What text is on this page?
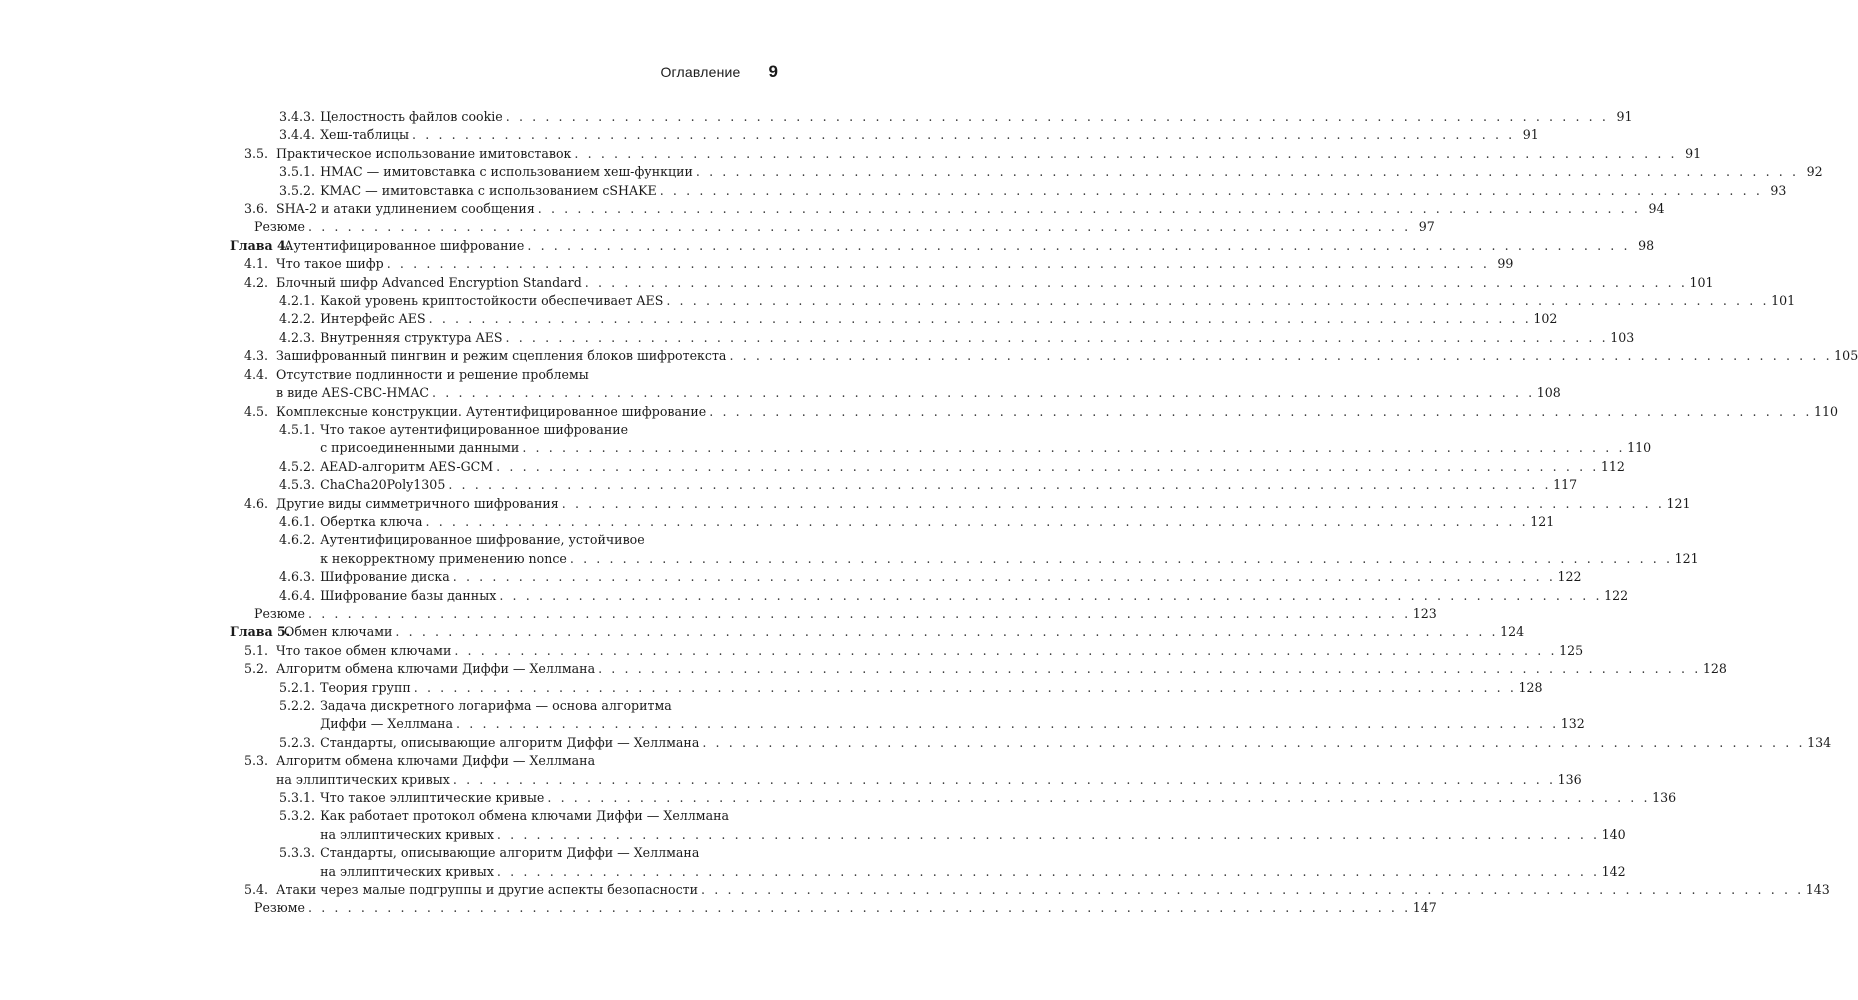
Оглавление 9
3.4.3. Целостность файлов cookie . . .	91
3.4.4. Хеш-таблицы . . .	91
3.5. Практическое использование имитовставок . . .	91
3.5.1. HMAC — имитовставка с использованием хеш-функции . . .	92
3.5.2. KMAC — имитовставка с использованием cSHAKE . . .	93
3.6. SHA-2 и атаки удлинением сообщения . . .	94
Резюме . . .	97
Глава 4.
Аутентифицированное шифрование . . .	98
4.1. Что такое шифр . . .	99
4.2. Блочный шифр Advanced Encryption Standard . . .	101
4.2.1. Какой уровень криптостойкости обеспечивает AES . . .	101
4.2.2. Интерфейс AES . . .	102
4.2.3. Внутренняя структура AES . . .	103
4.3. Зашифрованный пингвин и режим сцепления блоков шифротекста . . .	105
4.4. Отсутствие подлинности и решение проблемы
в виде AES-CBC-HMAC . . .	108
4.5. Комплексные конструкции. Аутентифицированное шифрование . . .	110
4.5.1. Что такое аутентифицированное шифрование
с присоединенными данными . . .	110
4.5.2. AEAD-алгоритм AES-GCM . . .	112
4.5.3. ChaCha20Poly1305 . . .	117
4.6. Другие виды симметричного шифрования . . .	121
4.6.1. Обертка ключа . . .	121
4.6.2. Аутентифицированное шифрование, устойчивое
к некорректному применению nonce . . .	121
4.6.3. Шифрование диска . . .	122
4.6.4. Шифрование базы данных . . .	122
Резюме . . .	123
Глава 5.
Обмен ключами . . .	124
5.1. Что такое обмен ключами . . .	125
5.2. Алгоритм обмена ключами Диффи — Хеллмана . . .	128
5.2.1. Теория групп . . .	128
5.2.2. Задача дискретного логарифма — основа алгоритма
Диффи — Хеллмана . . .	132
5.2.3. Стандарты, описывающие алгоритм Диффи — Хеллмана . . .	134
5.3. Алгоритм обмена ключами Диффи — Хеллмана
на эллиптических кривых . . .	136
5.3.1. Что такое эллиптические кривые . . .	136
5.3.2. Как работает протокол обмена ключами Диффи — Хеллмана
на эллиптических кривых . . .	140
5.3.3. Стандарты, описывающие алгоритм Диффи — Хеллмана
на эллиптических кривых . . .	142
5.4. Атаки через малые подгруппы и другие аспекты безопасности . . .	143
Резюме . . .	147
